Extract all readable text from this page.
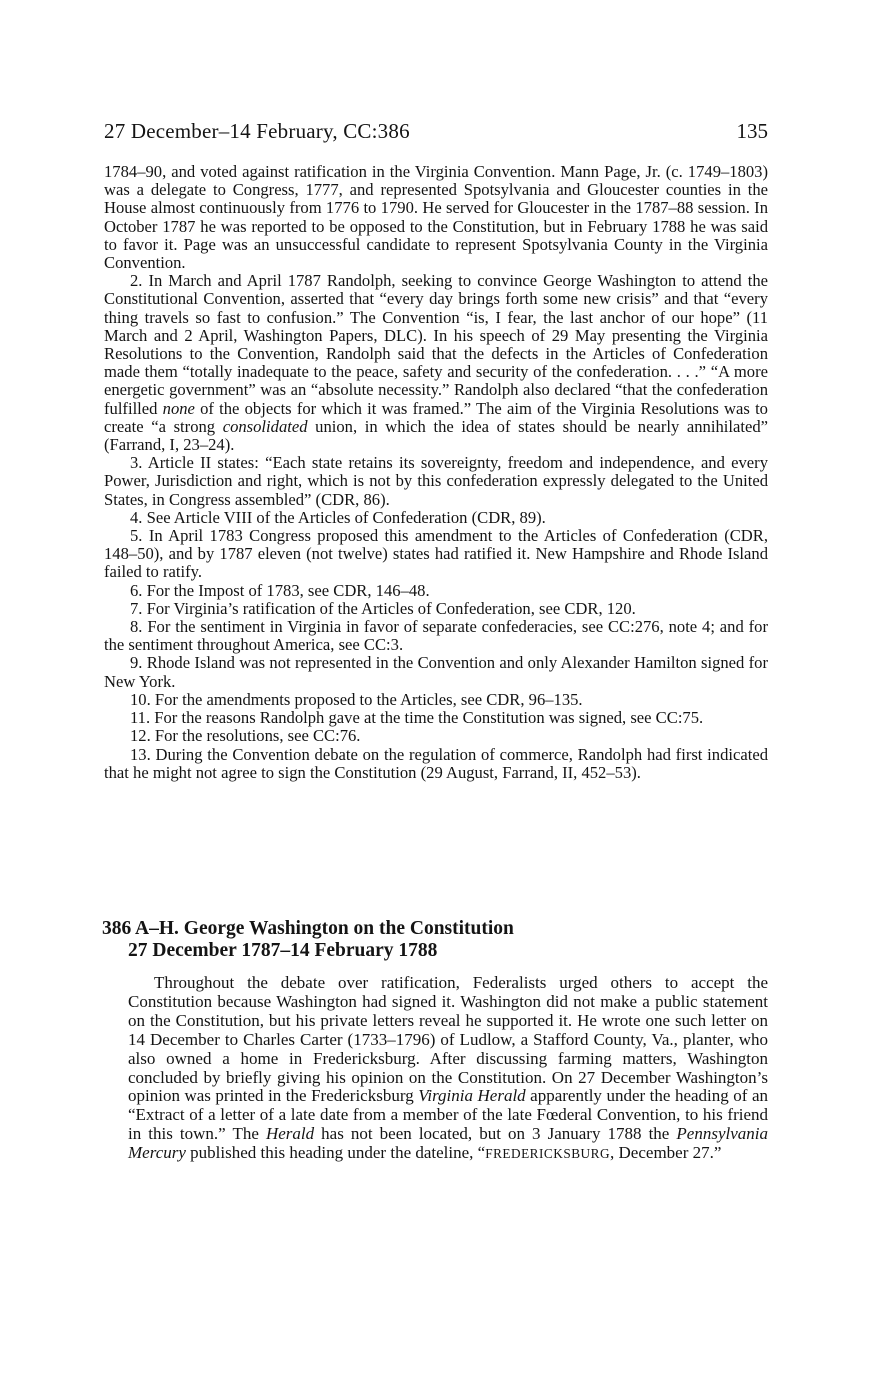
27 December–14 February, CC:386	135

1784–90, and voted against ratification in the Virginia Convention. Mann Page, Jr. (c. 1749–1803) was a delegate to Congress, 1777, and represented Spotsylvania and Gloucester counties in the House almost continuously from 1776 to 1790. He served for Gloucester in the 1787–88 session. In October 1787 he was reported to be opposed to the Constitution, but in February 1788 he was said to favor it. Page was an unsuccessful candidate to represent Spotsylvania County in the Virginia Convention.

2. In March and April 1787 Randolph, seeking to convince George Washington to attend the Constitutional Convention, asserted that “every day brings forth some new crisis” and that “every thing travels so fast to confusion.” The Convention “is, I fear, the last anchor of our hope” (11 March and 2 April, Washington Papers, DLC). In his speech of 29 May presenting the Virginia Resolutions to the Convention, Randolph said that the defects in the Articles of Confederation made them “totally inadequate to the peace, safety and security of the confederation. . . .” “A more energetic government” was an “absolute necessity.” Randolph also declared “that the confederation fulfilled none of the objects for which it was framed.” The aim of the Virginia Resolutions was to create “a strong consolidated union, in which the idea of states should be nearly annihilated” (Farrand, I, 23–24).

3. Article II states: “Each state retains its sovereignty, freedom and independence, and every Power, Jurisdiction and right, which is not by this confederation expressly delegated to the United States, in Congress assembled” (CDR, 86).

4. See Article VIII of the Articles of Confederation (CDR, 89).

5. In April 1783 Congress proposed this amendment to the Articles of Confederation (CDR, 148–50), and by 1787 eleven (not twelve) states had ratified it. New Hampshire and Rhode Island failed to ratify.

6. For the Impost of 1783, see CDR, 146–48.

7. For Virginia’s ratification of the Articles of Confederation, see CDR, 120.

8. For the sentiment in Virginia in favor of separate confederacies, see CC:276, note 4; and for the sentiment throughout America, see CC:3.

9. Rhode Island was not represented in the Convention and only Alexander Hamilton signed for New York.

10. For the amendments proposed to the Articles, see CDR, 96–135.

11. For the reasons Randolph gave at the time the Constitution was signed, see CC:75.

12. For the resolutions, see CC:76.

13. During the Convention debate on the regulation of commerce, Randolph had first indicated that he might not agree to sign the Constitution (29 August, Farrand, II, 452–53).

386 A–H. George Washington on the Constitution
27 December 1787–14 February 1788

Throughout the debate over ratification, Federalists urged others to accept the Constitution because Washington had signed it. Washington did not make a public statement on the Constitution, but his private letters reveal he supported it. He wrote one such letter on 14 December to Charles Carter (1733–1796) of Ludlow, a Stafford County, Va., planter, who also owned a home in Fredericksburg. After discussing farming matters, Washington concluded by briefly giving his opinion on the Constitution. On 27 December Washington’s opinion was printed in the Fredericksburg Virginia Herald apparently under the heading of an “Extract of a letter of a late date from a member of the late Fœderal Convention, to his friend in this town.” The Herald has not been located, but on 3 January 1788 the Pennsylvania Mercury published this heading under the dateline, “FREDERICKSBURG, December 27.”
